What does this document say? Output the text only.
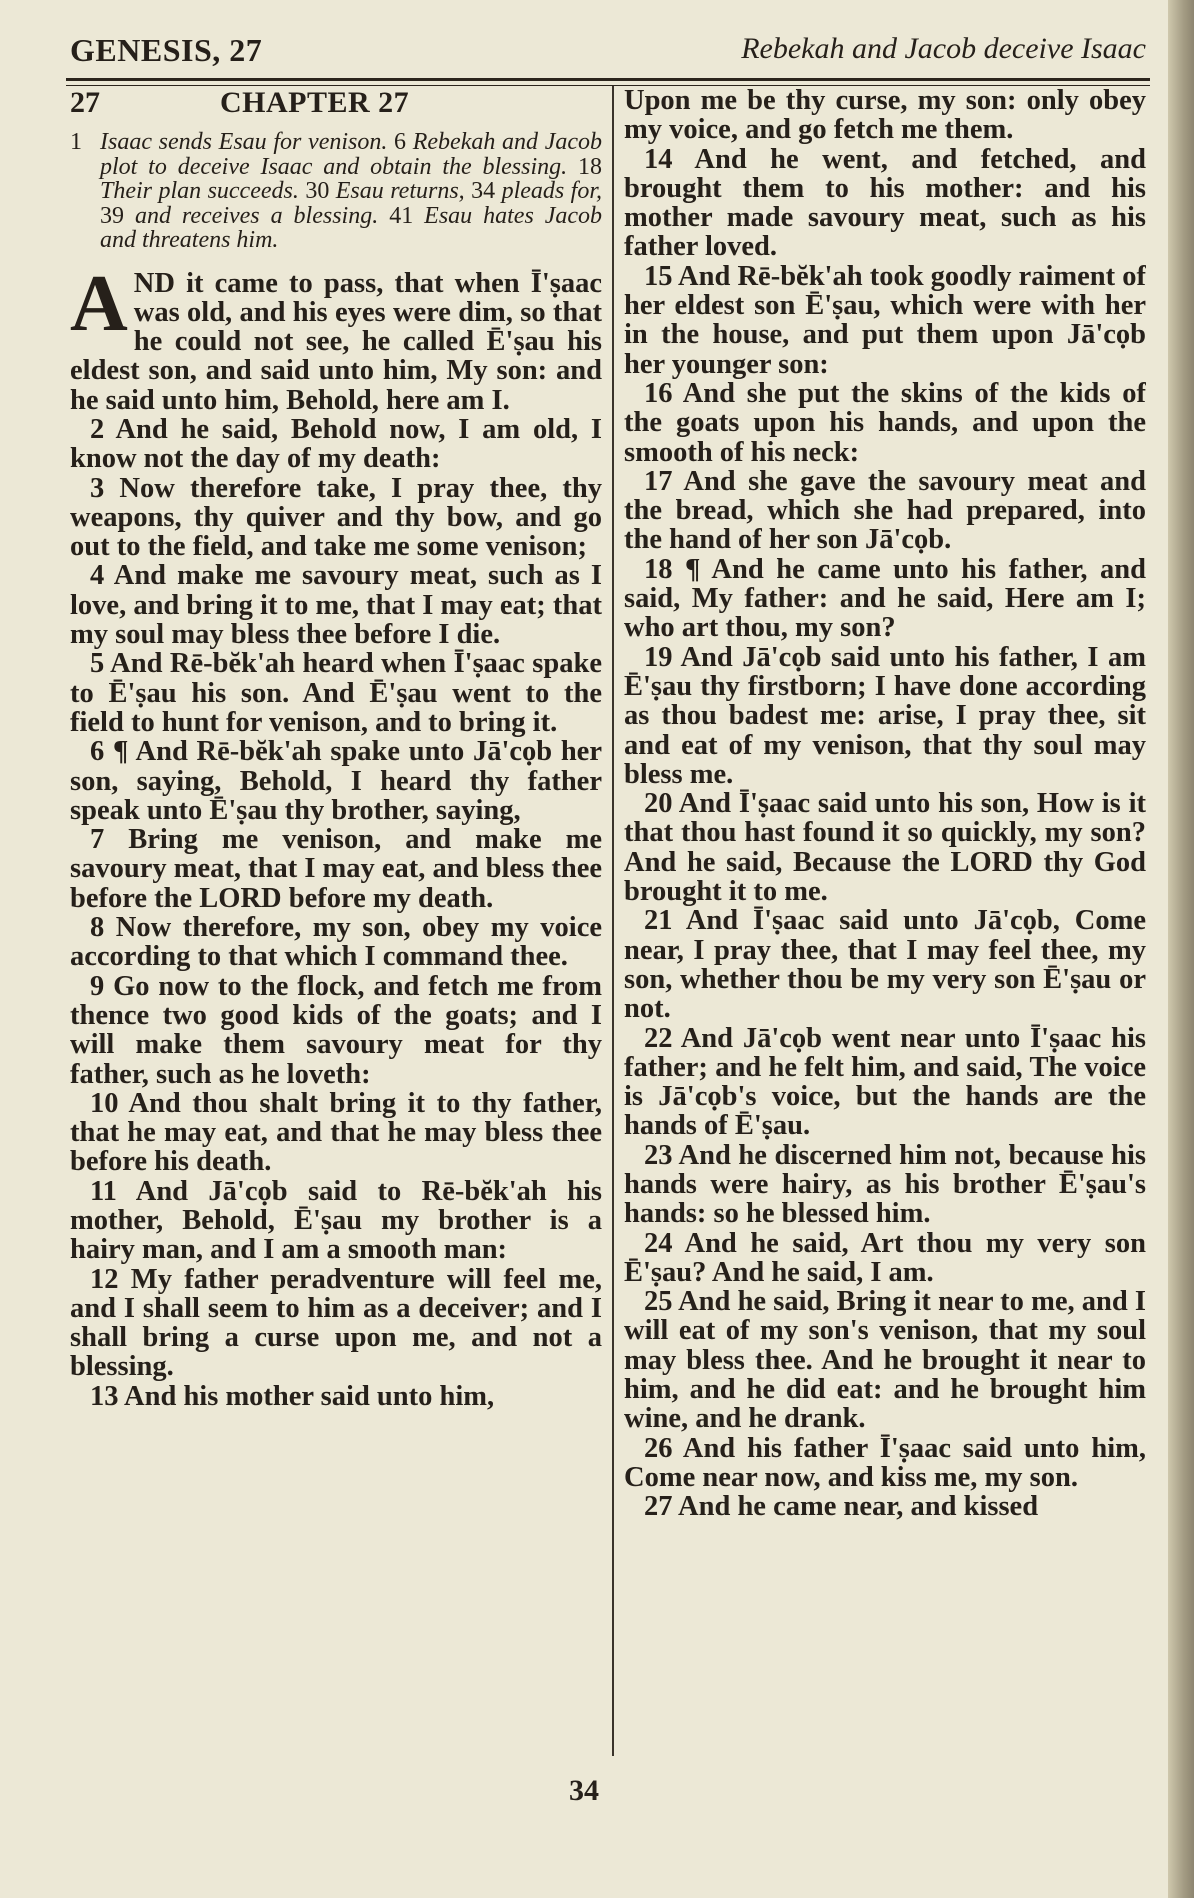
GENESIS, 27	Rebekah and Jacob deceive Isaac
27	CHAPTER 27
1 Isaac sends Esau for venison. 6 Rebekah and Jacob plot to deceive Isaac and obtain the blessing. 18 Their plan succeeds. 30 Esau returns, 34 pleads for, 39 and receives a blessing. 41 Esau hates Jacob and threatens him.

AND it came to pass, that when Ī'ṣaac was old, and his eyes were dim, so that he could not see, he called Ē'ṣau his eldest son, and said unto him, My son: and he said unto him, Behold, here am I.

2 And he said, Behold now, I am old, I know not the day of my death:

3 Now therefore take, I pray thee, thy weapons, thy quiver and thy bow, and go out to the field, and take me some venison;

4 And make me savoury meat, such as I love, and bring it to me, that I may eat; that my soul may bless thee before I die.

5 And Rē-bĕk'ah heard when Ī'ṣaac spake to Ē'ṣau his son. And Ē'ṣau went to the field to hunt for venison, and to bring it.

6 ¶ And Rē-bĕk'ah spake unto Jā'cọb her son, saying, Behold, I heard thy father speak unto Ē'ṣau thy brother, saying,

7 Bring me venison, and make me savoury meat, that I may eat, and bless thee before the LORD before my death.

8 Now therefore, my son, obey my voice according to that which I command thee.

9 Go now to the flock, and fetch me from thence two good kids of the goats; and I will make them savoury meat for thy father, such as he loveth:

10 And thou shalt bring it to thy father, that he may eat, and that he may bless thee before his death.

11 And Jā'cọb said to Rē-bĕk'ah his mother, Behold, Ē'ṣau my brother is a hairy man, and I am a smooth man:

12 My father peradventure will feel me, and I shall seem to him as a deceiver; and I shall bring a curse upon me, and not a blessing.

13 And his mother said unto him,

Upon me be thy curse, my son: only obey my voice, and go fetch me them.

14 And he went, and fetched, and brought them to his mother: and his mother made savoury meat, such as his father loved.

15 And Rē-bĕk'ah took goodly raiment of her eldest son Ē'ṣau, which were with her in the house, and put them upon Jā'cọb her younger son:

16 And she put the skins of the kids of the goats upon his hands, and upon the smooth of his neck:

17 And she gave the savoury meat and the bread, which she had prepared, into the hand of her son Jā'cọb.

18 ¶ And he came unto his father, and said, My father: and he said, Here am I; who art thou, my son?

19 And Jā'cọb said unto his father, I am Ē'ṣau thy firstborn; I have done according as thou badest me: arise, I pray thee, sit and eat of my venison, that thy soul may bless me.

20 And Ī'ṣaac said unto his son, How is it that thou hast found it so quickly, my son? And he said, Because the LORD thy God brought it to me.

21 And Ī'ṣaac said unto Jā'cọb, Come near, I pray thee, that I may feel thee, my son, whether thou be my very son Ē'ṣau or not.

22 And Jā'cọb went near unto Ī'ṣaac his father; and he felt him, and said, The voice is Jā'cọb's voice, but the hands are the hands of Ē'ṣau.

23 And he discerned him not, because his hands were hairy, as his brother Ē'ṣau's hands: so he blessed him.

24 And he said, Art thou my very son Ē'ṣau? And he said, I am.

25 And he said, Bring it near to me, and I will eat of my son's venison, that my soul may bless thee. And he brought it near to him, and he did eat: and he brought him wine, and he drank.

26 And his father Ī'ṣaac said unto him, Come near now, and kiss me, my son.

27 And he came near, and kissed

34
